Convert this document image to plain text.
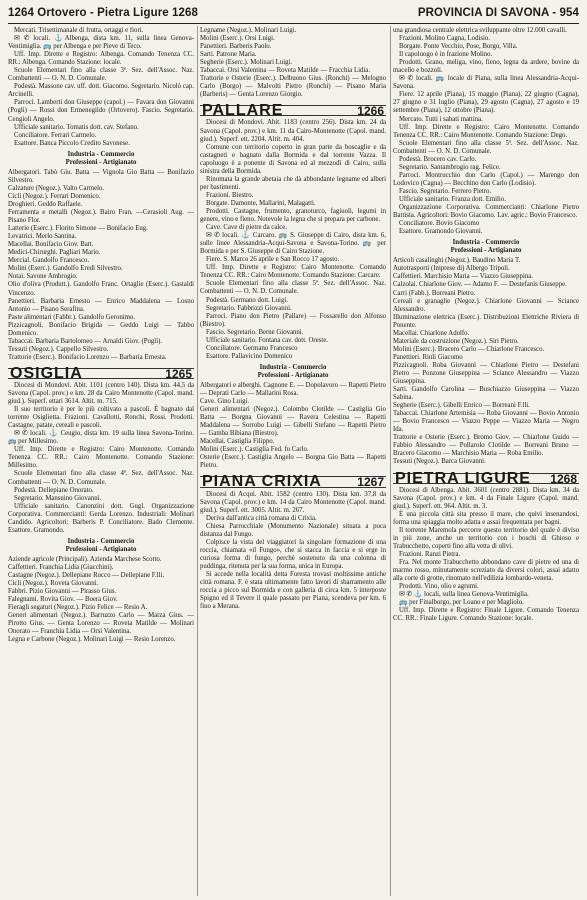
1264 Ortovero - Pietra Ligure 1268	PROVINCIA DI SAVONA - 954

Mercati. Trisettimanale di frutta, ortaggi e fiori.

✉ ✆ locali. ⚓Albenga, dista km. 11, sulla linea Genova-Ventimiglia. 🚌 per Albenga e per Pieve di Teco.

Uff. Imp. Dirette e Registro: Albenga. Comando Tenenza CC. RR.: Albenga. Comando Stazione: locale.

Scuole Elementari fino alla classe 3ª. Sez. dell'Assoc. Naz. Combattenti — O. N. D. Comunale.

Podestà. Massone cav. uff. dott. Giacomo. Segretario. Nicolò cap. Arcinelli.

Parroci. Lamberti don Giuseppe (capol.) — Favara don Giovanni (Pogli) — Rossi don Ermenegildo (Ortovero). Fascio. Segretario. Cengioli Angelo.

Ufficiale sanitario. Tomatis dott. cav. Stefano.

Conciliatore. Ferrari Carmelo.

Esattore. Banca Piccolo Credito Savonese.

Industria - Commercio

Professioni - Artigianato

Albergatori. Tabò Giu. Batta — Vignola Gio Batta — Bonifazio Silvestro.

Calzature (Negoz.). Valto Carmelo.

Cicli (Negoz.). Ferrari Domenico.

Droghieri. Geddo Raffaele.

Ferramenta e metalli (Negoz.). Bairo Fran. —Cerasioli Aug. — Pisano Flor.

Latterie (Eserc.). Florito Simone — Bonifacio Eug.

Levatrici. Merlo Santina.

Macellai. Bonifacio Giov. Batt.

Medici-Chirurghi. Pagliari Mario.

Mercial. Gandolfo Francesco.

Molini (Eserc.). Gandolfo Eredi Silvestro.

Notai. Savone Ambrogio.

Olio d'oliva (Produtt.). Gandolfo Franc. Ortaglie (Eserc.). Gastaldi Vincenzo.

Panettieri. Barbaria Ernesto — Enrico Maddalena — Losno Antonio — Pisano Serafina.

Paste alimentari (Fabbr.). Gandolfo Geronimo.

Pizzicagnoli. Bonifacio Brigida — Geddo Luigi — Tabbo Domenico.

Tabaccai. Barbaria Bartolomeo — Arnaldi Giov. (Pogli).

Tessuti (Negoz.). Cappello Silvestro.

Trattorie (Eserc.). Bonifacio Lorenzo — Barbaria Ernesta.

OSIGLIA	1265

Diocesi di Mondovì. Abit. 1101 (centro 140). Dista km. 44,5 da Savona (Capol. prov.) e km. 28 da Cairo Montenotte (Capol. mand. giud.). Superf. ettari 3614. Altit. m. 715.

Il suo territorio è per le più coltivato a pascoli. È bagnato dal torrente Osiglietta. Frazioni. Cavallotti, Ronchi, Rossi. Prodotti. Castagne, patate, cereali e pascoli.

✉ ✆ locali. ⚓ Ceugio, dista km. 19 sulla linea Savona-Torino. 🚌 per Millesimo.

Uff. Imp. Dirette e Registro: Cairo Montenotte. Comando Tenenza CC. RR.: Cairo Montenotte. Comando Stazione: Millesimo.

Scuole Elementari fino alla classe 4ª. Sez. dell'Assoc. Naz. Combattenti — O. N. D. Comunale.

Podestà. Dellepiane Onorato.

Segretario. Mansuino Giovanni.

Ufficiale sanitario. Canonzini dott. Gugl. Organizzazione Corporativa. Commercianti: Gerda Lorenzo. Industriali: Molinari Candido. Agricoltori: Barberis P. Conciliatore. Bado Clemente. Esattore. Gramondo.

Industria - Commercio

Professioni - Artigianato

Aziende agricole (Principali). Azienda Marchese Scotto.

Caffettieri. Franchia Lidia (Giacchini).

Castagne (Negoz.). Dellepiane Rocco — Dellepiane F.lli.

Cicli (Negoz.). Roveta Giovanni.

Fabbri. Pizio Giovanni — Pirasso Gius.

Falegnami. Rovita Giov. — Boera Giov.

Fieragli segaturi (Negoz.). Pizio Felice — Resio A.

Generi alimentari (Negoz.). Barruzzo Carlo — Marza Gius. — Pirotto Gius. — Genta Lorenzo — Roveta Matilde — Molinari Onorato — Franchia Lidia — Orsi Valentina.

Legna e Carbone (Negoz.). Molinari Luigi — Resio Lorenzo.

Legname (Negoz.). Molinari Luigi.

Molini (Eserc.). Orsi Luigi.

Panettieri. Barberis Paolo.

Sarti. Patrone Maria.

Segherie (Eserc.). Molinari Luigi.

Tabaccai. Orsi Valentina — Roveta Matilde — Fracchia Lidia.

Trattorie e Osterie (Eserc.). Delbuono Gius. (Ronchi) — Melogno Carlo (Borgo) — Malvolti Pietro (Ronchi) — Pisano Maria (Barberis) — Genta Lorenzo Giorgio.

PALLARE	1266

Diocesi di Mondovì. Abit. 1183 (centro 256). Dista km. 24 da Savona (Capol. prov.) e km. 11 da Cairo-Montenotte (Capol. mand. giud.). Superf. ett. 2204. Altit. m. 404.

Comune con territorio coperto in gran parte da boscaglie e da castagneti e bagnato dalla Bormida e dal torrente Vazza. Il capoluogo è a ponente di Savona ed al mezzodì di Cairo, sulla sinistra della Bormida.

Rinomata la grande abetaia che dà abbondante legname ed alberi per bastimenti.

Frazioni. Biestro.

Borgate. Damonte, Mallarini, Malagatti.

Prodotti. Castagne, frumento, granoturco, fagiuoli, legumi in genere, vino e fieno. Notevole la legna che si prepara per carbone.

Cave. Cave di pietre da calce.

✉ ✆ locali. ⚓ Carcaro. 🚌 S. Giuseppe di Cairo, dista km. 6, sulle linee Alessandria-Acqui-Savona e Savona-Torino. 🚌 per Bormida e per S. Giuseppe di Cairo Stazione.

Fiere. S. Marco 26 aprile e San Rocco 17 agosto.

Uff. Imp. Dirette e Registro: Cairo Montenotte. Comando Tenenza CC. RR.: Cairo Montenotte. Comando Stazione: Carcare.

Scuole Elementari fino alla classe 5ª. Sez. dell'Assoc. Naz. Combattenti — O. N. D. Comunale.

Podestà. Germano dott. Luigi.

Segretario. Fabbrizzi Giovanni.

Parroci. Piano don Pietro (Pallare) — Fossarello don Alfonso (Biestro).

Fascio. Segretario. Berne Giovanni.

Ufficiale sanitario. Fontana cav. dott. Oreste.

Conciliatore. Germano Francesco

Esattore. Pallavicino Domenico

Industria - Commercio

Professioni - Artigianato

Albergatori e alberghi. Cagnone E. — Dopolavoro — Rapetti Pietro — Deprati Carlo — Mallarini Rosa.

Cave. Gino Luigi.

Generi alimentari (Negoz.). Colombo Clotilde — Castiglia Gio Batta — Borgna Giovanni — Ravera Celestina — Rapetti Maddalena — Sorrobo Luigi — Gibelli Stefano — Rapetti Pietro — Gamba Bibiana (Biestro).

Macellai. Castiglia Filippo.

Molini (Eserc.). Castiglia Fed. fu Carlo.

Osterie (Eserc.). Castiglia Angelo — Borgna Gio Batta — Rapetti Pietro.

PIANA CRIXIA	1267

Diocesi di Acqui. Abit. 1582 (centro 130). Dista km. 37,8 da Savona (Capol. prov.) e km. 14 da Cairo Montenotte (Capol. mand. giud.). Superf. ett. 3005. Altit. m. 267.

Deriva dall'antica città romana di Crixia.

Chiesa Parrocchiale (Monumento Nazionale) situata a poca distanza dal Fungo.

Colpisce la vista del viaggiatori la singolare formazione di una roccia, chiamata «il Fungo», che si stacca in faccia e si erge in curiosa forma di fungo, perchè sostenuto da una colonna di puddinga, ritenuta per la sua forma, unica in Europa.

Si accede nella località detta Foresta trovasi moltissime antiche città romana. F. è stata ultimamente fatto lavori di sbarramento alle roccia a picco sul Bormida e con galleria di circa km. 5 interposte Spigno ed il Tevere il quale passato per Piana, scendeva per km. 6 fino a Merana.

una grandiosa centrale elettrica sviluppante oltre 12.000 cavalli.

Frazioni. Molino Cagna, Lodisio.

Borgate. Ponte Vecchio, Pose, Borgo, Villa.

Il capoluogo è in frazione Molino.

Prodotti. Grano, meliga, vino, fieno, legna da ardere, bovine da macello e bozzoli.

✉ ✆ locali. 🚌 locale di Piana, sulla linea Alessandria-Acqui-Savona.

Fiere. 12 aprile (Piana), 15 maggio (Piana), 22 giugno (Cagna), 27 giugno e 31 luglio (Piana), 29 agosto (Cagna), 27 agosto e 19 settembre (Piana), 12 ottobre (Piana).

Mercato. Tutti i sabati mattina.

Uff. Imp. Dirette e Registro: Cairo Montenotte. Comando Tenenza CC. RR.: Cairo Montenotte. Comando Stazione: Dego.

Scuole Elementari fino alla classe 5ª. Sez. dell'Assoc. Naz. Combattenti — O. N. D. Comunale.

Podestà. Brocero cav. Carlo.

Segretario. Santambrogio rag. Felice.

Parroci. Montrucchio don Carlo (Capol.) — Marengo don Lodovico (Cagna) — Becchino don Carlo (Lodisio).

Fascio. Segretario. Ferrero Pietro.

Ufficiale sanitario. Franza dott. Emilio.

Organizzazione Corporativa. Commercianti: Chiarlone Pietro Battista. Agricoltori: Bovio Giacomo. Lav. agric.: Bovio Francesco.

Conciliatore. Bovio Giacomo

Esattore. Gramondo Giovanni.

Industria - Commercio

Professioni - Artigianato

Articoli casalinghi (Negoz.). Baudino Maria T.

Autotrasporti (Imprese di) Albergo Tripoli.

Caffettieri. Marchisio Maria — Viazzo Giuseppina.

Calzolai. Chiarlone Giov. — Adamo F. — Destefanis Giuseppe.

Carri (Fabb.). Borreani Pietro.

Cereali e granaglie (Negoz.). Chiarlone Giovanni — Sciance Alessandro.

Illuminazione elettrica (Eserc.). Distribuzioni Elettriche Riviera di Ponente.

Macellai. Chiarlone Adolfo.

Materiale da costruzione (Negoz.). Siri Pietro.

Molini (Eserc.). Bracero Carlo — Chiarlone Francesco.

Panettieri. Riuli Giacomo

Pizzicagnoli. Roba Giovanni — Chiarlone Pietro — Destefani Pietro — Ponzone Giuseppina — Sciance Alessandro — Viazzo Giuseppina.

Sarti. Gandolfo Carolina — Buschiazzo Giuseppina — Viazzo Sabina.

Segherie (Eserc.). Gibelli Enrico — Borreani F.lli.

Tabaccai. Chiarlone Artemisia — Roba Giovanni — Bovio Antonio — Bovio Francesco — Viazzo Peppe — Viazzo Maria — Negro Ida.

Trattorie e Osterie (Eserc.). Bromo Giov. — Chiarlone Guido — Fabbio Alessandro — Pollarolo Clotilde — Borreani Bruno — Bracero Giacomo — Marchisio Maria — Roba Emilio.

Tessuti (Negoz.). Barca Giovanni.

PIETRA LIGURE 1268

Diocesi di Albenga. Abit. 3601 (centro 2881). Dista km. 34 da Savona (Capol. prov.) e km. 4 da Finale Ligure (Capol. mand. giud.). Superf. ett. 964. Altit. m. 3.

È una piccola città sita presso il mare, che quivi insenandosi, forma una spiaggia molto adatta e assai frequentata per bagni.

Il torrente Maremola percorre questo territorio del quale è diviso in più zone, anche un territorio con i boschi di Ghioso e Trabucchetto, coperti fino alla vetta di ulivi.

Frazioni. Ranzi Pietra.

Fra. Nel monte Trabucchetto abbondano cave di pietre ed una di marmo rosso, minutamente screziato da diversi colori, assai adatto alla corte di grotte, rinomato nell'edilizia lombardo-veneta.

Prodotti. Vino, olio e agrumi.

✉ ✆ ⚓ locali, sulla linea Genova-Ventimiglia.

🚌 per Finalborgo, per Loano e per Magliolo.

Uff. Imp. Dirette e Registro: Finale Ligure. Comando Tenenza CC. RR.: Finale Ligure. Comando Stazione: locale.
